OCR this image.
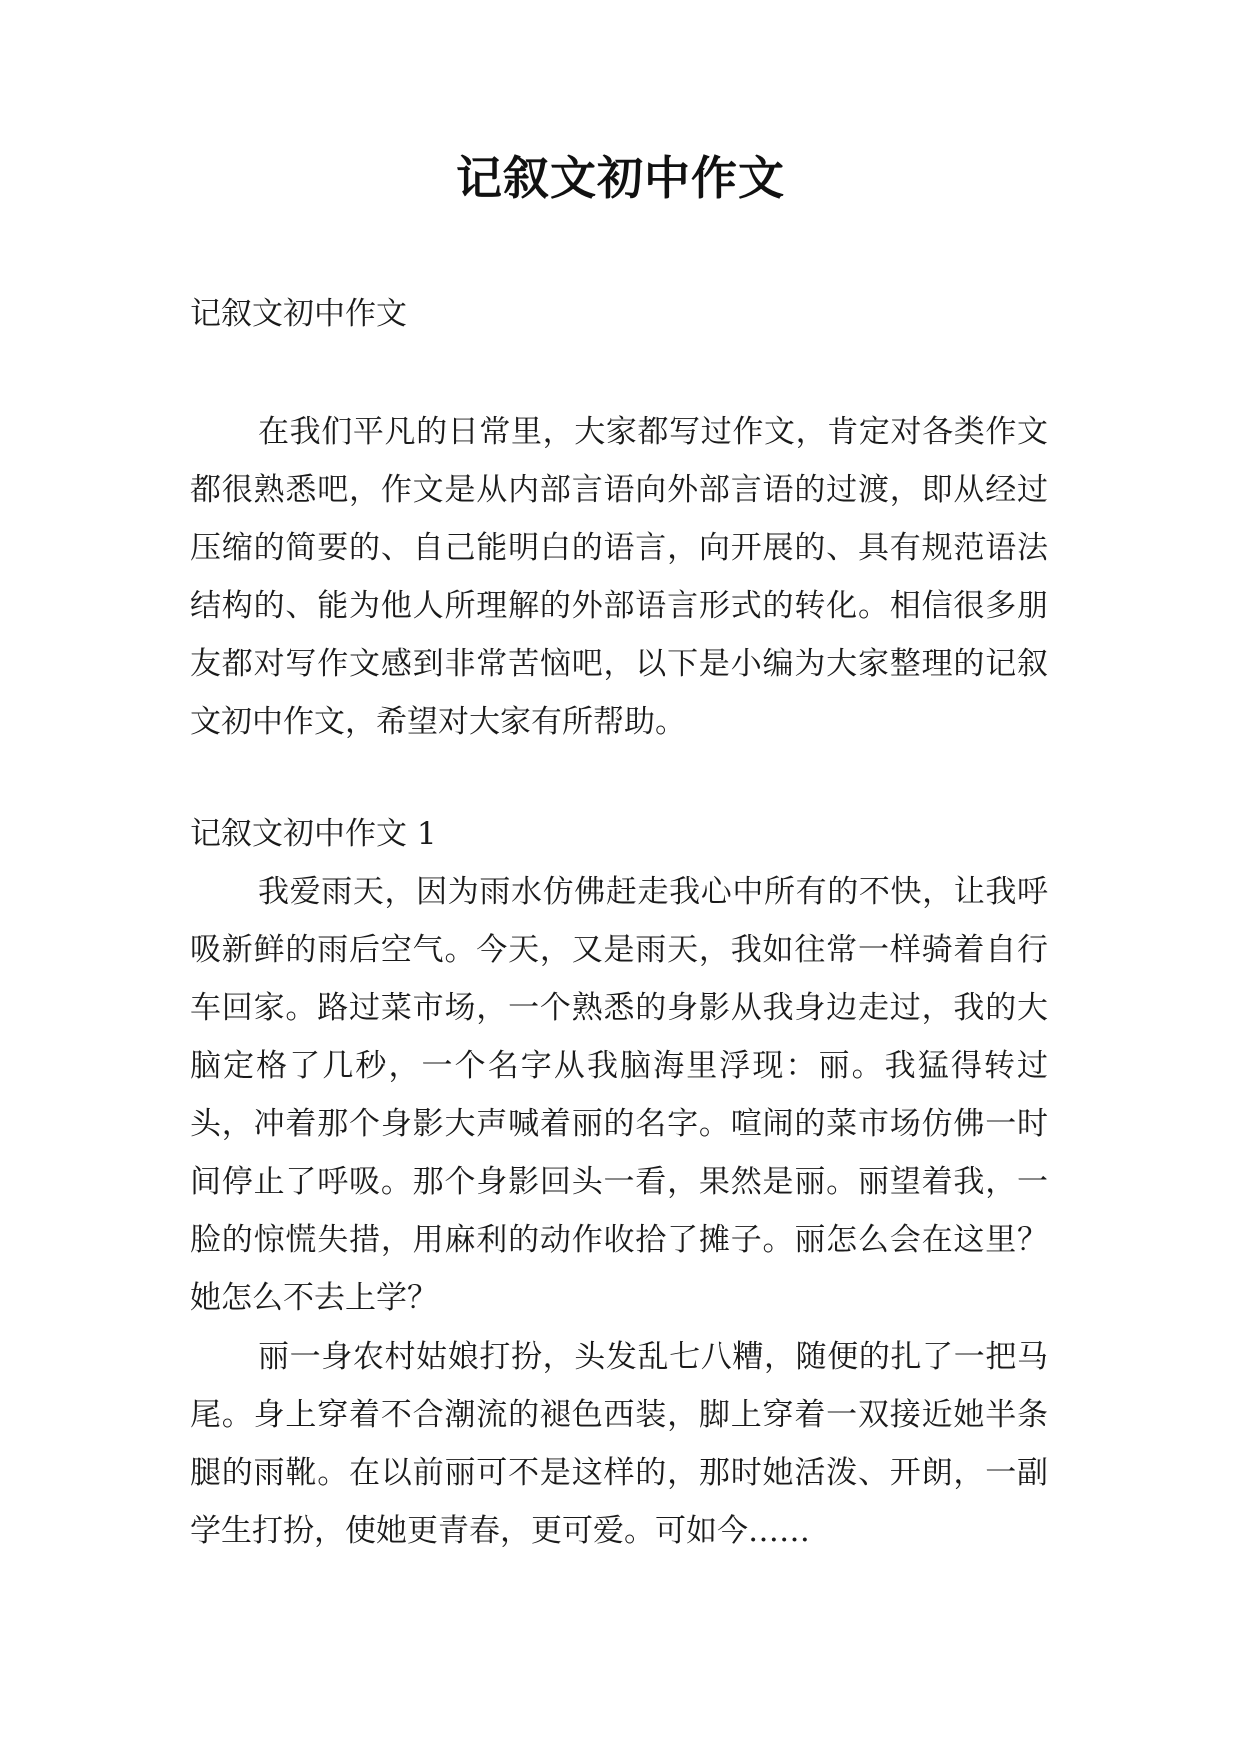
记叙文初中作文
记叙文初中作文
在我们平凡的日常里，大家都写过作文，肯定对各类作文都很熟悉吧，作文是从内部言语向外部言语的过渡，即从经过压缩的简要的、自己能明白的语言，向开展的、具有规范语法结构的、能为他人所理解的外部语言形式的转化。相信很多朋友都对写作文感到非常苦恼吧，以下是小编为大家整理的记叙文初中作文，希望对大家有所帮助。
记叙文初中作文 1
我爱雨天，因为雨水仿佛赶走我心中所有的不快，让我呼吸新鲜的雨后空气。今天，又是雨天，我如往常一样骑着自行车回家。路过菜市场，一个熟悉的身影从我身边走过，我的大脑定格了几秒，一个名字从我脑海里浮现：丽。我猛得转过头，冲着那个身影大声喊着丽的名字。喧闹的菜市场仿佛一时间停止了呼吸。那个身影回头一看，果然是丽。丽望着我，一脸的惊慌失措，用麻利的动作收拾了摊子。丽怎么会在这里？她怎么不去上学？
丽一身农村姑娘打扮，头发乱七八糟，随便的扎了一把马尾。身上穿着不合潮流的褪色西装，脚上穿着一双接近她半条腿的雨靴。在以前丽可不是这样的，那时她活泼、开朗，一副学生打扮，使她更青春，更可爱。可如今……
